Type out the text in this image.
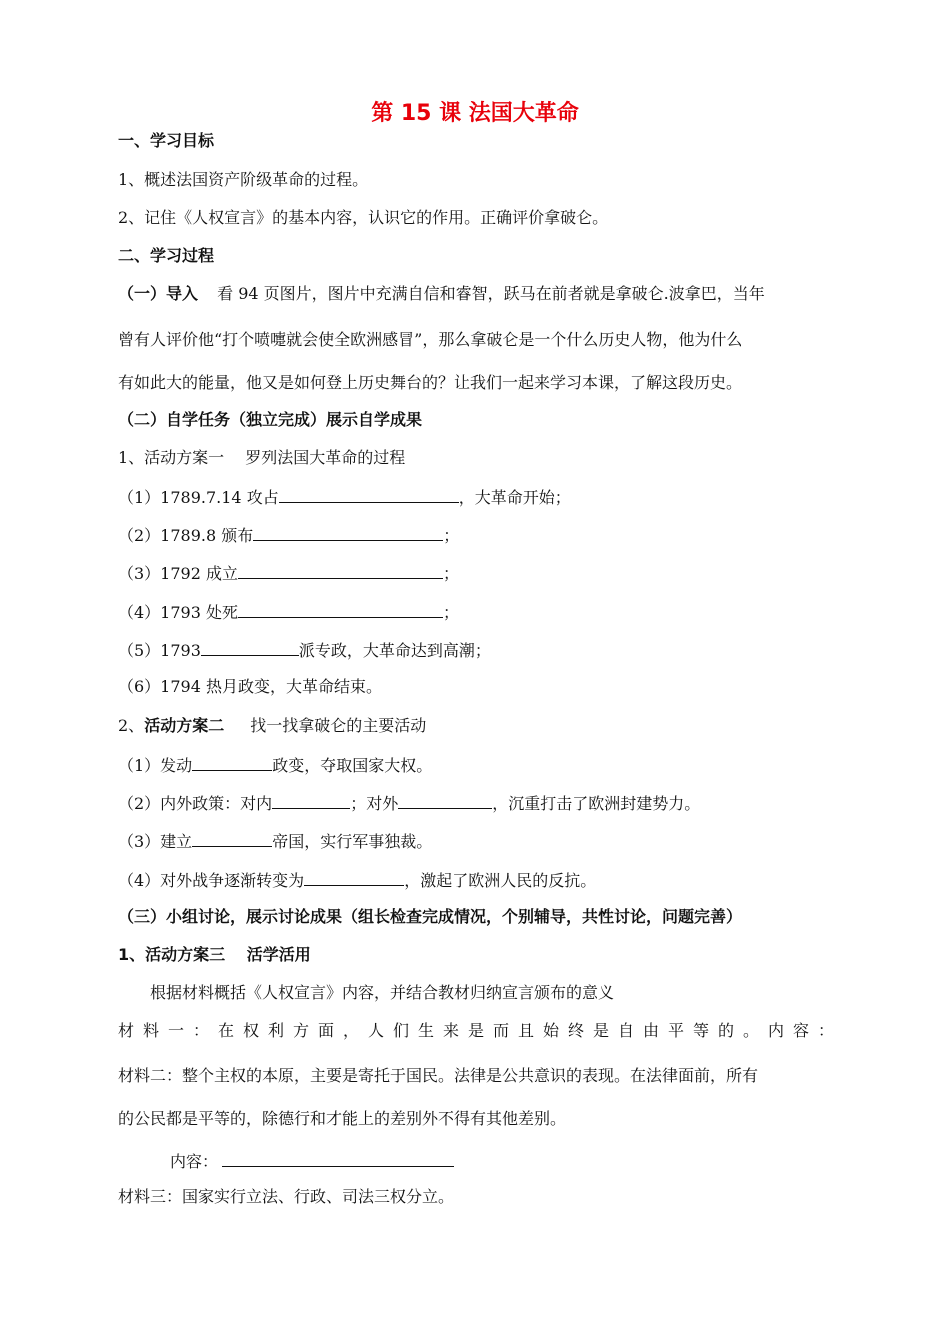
第 15 课 法国大革命
一、学习目标
1、概述法国资产阶级革命的过程。
2、记住《人权宣言》的基本内容，认识它的作用。正确评价拿破仑。
二、学习过程
（一）导入 看 94 页图片，图片中充满自信和睿智，跃马在前者就是拿破仑.波拿巴，当年
曾有人评价他“打个喷嚏就会使全欧洲感冒”，那么拿破仑是一个什么历史人物，他为什么
有如此大的能量，他又是如何登上历史舞台的？让我们一起来学习本课，了解这段历史。
（二）自学任务（独立完成）展示自学成果
1、活动方案一　 罗列法国大革命的过程
（1）1789.7.14 攻占	，大革命开始；
（2）1789.8 颁布	；
（3）1792 成立	；
（4）1793 处死	；
（5）1793	派专政，大革命达到高潮；
（6）1794 热月政变，大革命结束。
2、活动方案二 找一找拿破仑的主要活动
（1）发动	政变，夺取国家大权。
（2）内外政策：对内	；对外	，沉重打击了欧洲封建势力。
（3）建立	帝国，实行军事独裁。
（4）对外战争逐渐转变为	，激起了欧洲人民的反抗。
（三）小组讨论，展示讨论成果（组长检查完成情况，个别辅导，共性讨论，问题完善）
1、活动方案三　 活学活用
根据材料概括《人权宣言》内容，并结合教材归纳宣言颁布的意义
材料一：在权利方面，人们生来是而且始终是自由平等的。内容：
材料二：整个主权的本原，主要是寄托于国民。法律是公共意识的表现。在法律面前，所有
的公民都是平等的，除德行和才能上的差别外不得有其他差别。
内容：
材料三：国家实行立法、行政、司法三权分立。
